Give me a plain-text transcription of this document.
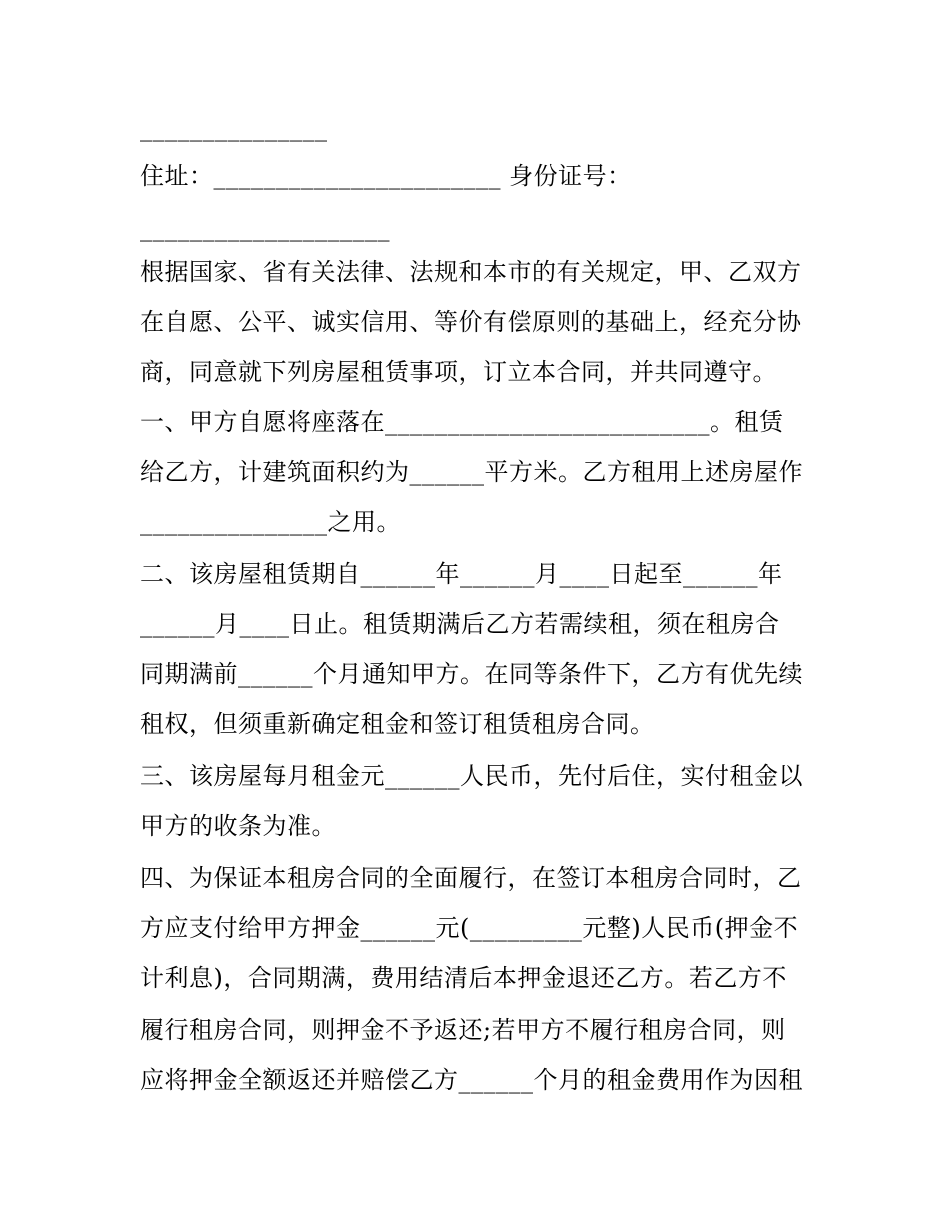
_______________
住址：_______________________ 身份证号：
____________________
根据国家、省有关法律、法规和本市的有关规定，甲、乙双方
在自愿、公平、诚实信用、等价有偿原则的基础上，经充分协
商，同意就下列房屋租赁事项，订立本合同，并共同遵守。
一、甲方自愿将座落在__________________________。租赁
给乙方，计建筑面积约为______平方米。乙方租用上述房屋作
_______________之用。
二、该房屋租赁期自______年______月____日起至______年
______月____日止。租赁期满后乙方若需续租，须在租房合
同期满前______个月通知甲方。在同等条件下，乙方有优先续
租权，但须重新确定租金和签订租赁租房合同。
三、该房屋每月租金元______人民币，先付后住，实付租金以
甲方的收条为准。
四、为保证本租房合同的全面履行，在签订本租房合同时，乙
方应支付给甲方押金______元(_________元整)人民币(押金不
计利息)，合同期满，费用结清后本押金退还乙方。若乙方不
履行租房合同，则押金不予返还;若甲方不履行租房合同，则
应将押金全额返还并赔偿乙方______个月的租金费用作为因租
